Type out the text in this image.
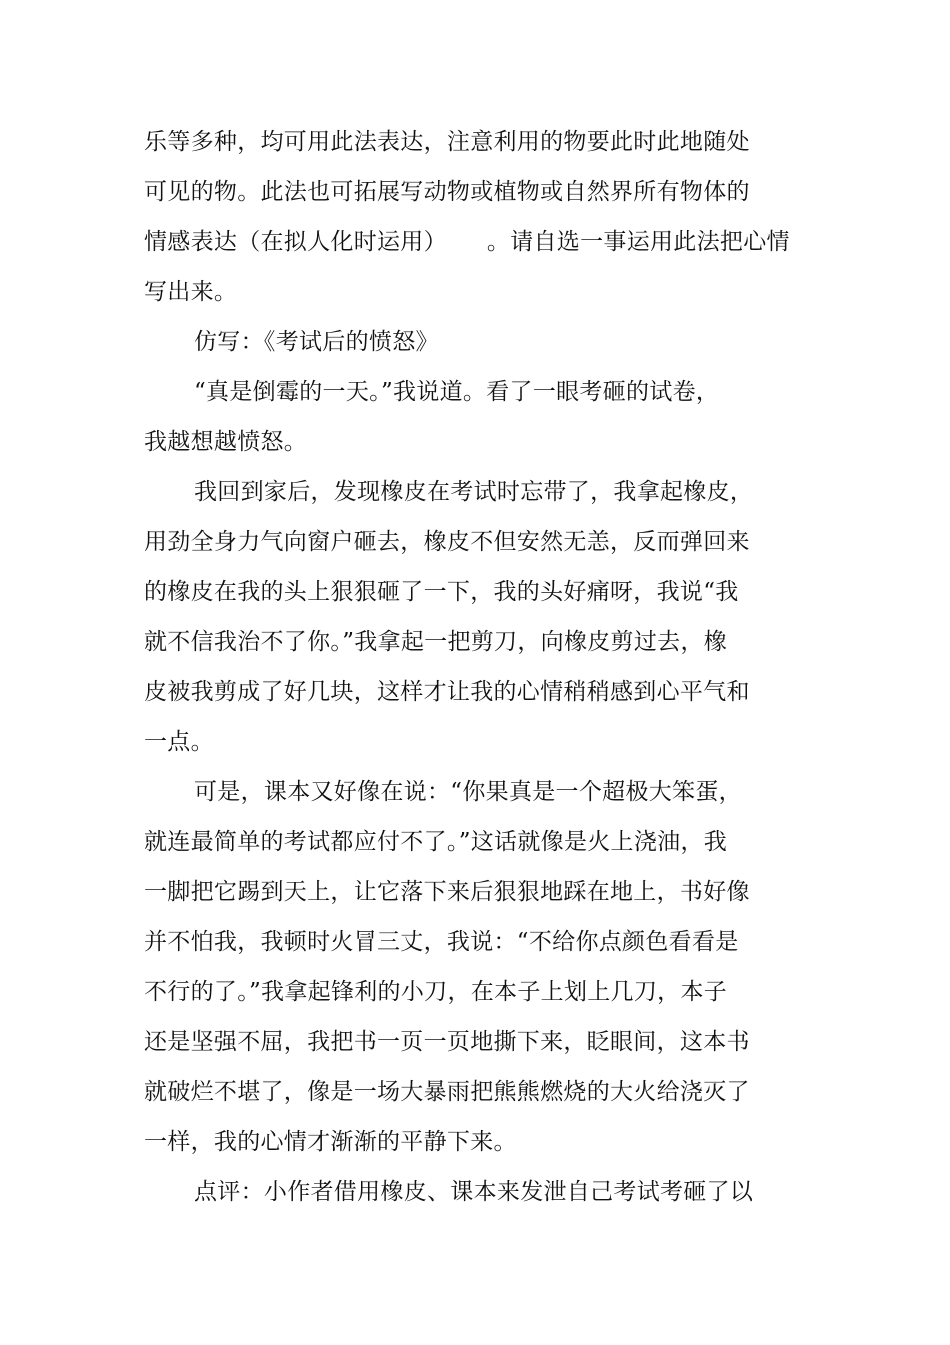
乐等多种，均可用此法表达，注意利用的物要此时此地随处
可见的物。此法也可拓展写动物或植物或自然界所有物体的
情感表达（在拟人化时运用） 。请自选一事运用此法把心情
写出来。
仿写：《考试后的愤怒》
“真是倒霉的一天。”我说道。看了一眼考砸的试卷，
我越想越愤怒。
我回到家后，发现橡皮在考试时忘带了，我拿起橡皮，
用劲全身力气向窗户砸去，橡皮不但安然无恙，反而弹回来
的橡皮在我的头上狠狠砸了一下，我的头好痛呀，我说“我
就不信我治不了你。”我拿起一把剪刀，向橡皮剪过去，橡
皮被我剪成了好几块，这样才让我的心情稍稍感到心平气和
一点。
可是，课本又好像在说：“你果真是一个超极大笨蛋，
就连最简单的考试都应付不了。”这话就像是火上浇油，我
一脚把它踢到天上，让它落下来后狠狠地踩在地上，书好像
并不怕我，我顿时火冒三丈，我说：“不给你点颜色看看是
不行的了。”我拿起锋利的小刀，在本子上划上几刀，本子
还是坚强不屈，我把书一页一页地撕下来，眨眼间，这本书
就破烂不堪了，像是一场大暴雨把熊熊燃烧的大火给浇灭了
一样，我的心情才渐渐的平静下来。
点评：小作者借用橡皮、课本来发泄自己考试考砸了以
